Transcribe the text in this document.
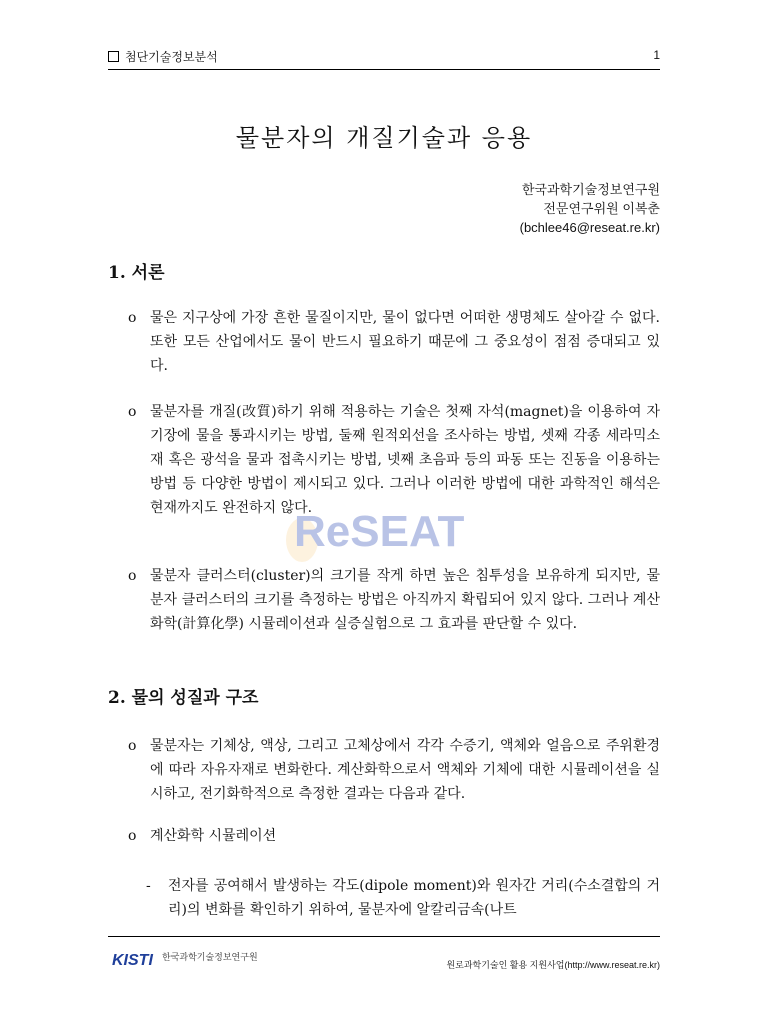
첨단기술정보분석	1
물분자의 개질기술과 응용
한국과학기술정보연구원
전문연구위원 이복춘
(bchlee46@reseat.re.kr)
1. 서론
o 물은 지구상에 가장 흔한 물질이지만, 물이 없다면 어떠한 생명체도 살아갈 수 없다. 또한 모든 산업에서도 물이 반드시 필요하기 때문에 그 중요성이 점점 증대되고 있다.
o 물분자를 개질(改質)하기 위해 적용하는 기술은 첫째 자석(magnet)을 이용하여 자기장에 물을 통과시키는 방법, 둘째 원적외선을 조사하는 방법, 셋째 각종 세라믹소재 혹은 광석을 물과 접촉시키는 방법, 넷째 초음파 등의 파동 또는 진동을 이용하는 방법 등 다양한 방법이 제시되고 있다. 그러나 이러한 방법에 대한 과학적인 해석은 현재까지도 완전하지 않다.
o 물분자 클러스터(cluster)의 크기를 작게 하면 높은 침투성을 보유하게 되지만, 물분자 클러스터의 크기를 측정하는 방법은 아직까지 확립되어 있지 않다. 그러나 계산화학(計算化學) 시뮬레이션과 실증실험으로 그 효과를 판단할 수 있다.
2. 물의 성질과 구조
o 물분자는 기체상, 액상, 그리고 고체상에서 각각 수증기, 액체와 얼음으로 주위환경에 따라 자유자재로 변화한다. 계산화학으로서 액체와 기체에 대한 시뮬레이션을 실시하고, 전기화학적으로 측정한 결과는 다음과 같다.
o 계산화학 시뮬레이션
-	전자를 공여해서 발생하는 각도(dipole moment)와 원자간 거리(수소결합의 거리)의 변화를 확인하기 위하여, 물분자에 알칼리금속(나트
ReSEAT
KISTI 한국과학기술정보연구원
원로과학기술인 활용 지원사업(http://www.reseat.re.kr)
